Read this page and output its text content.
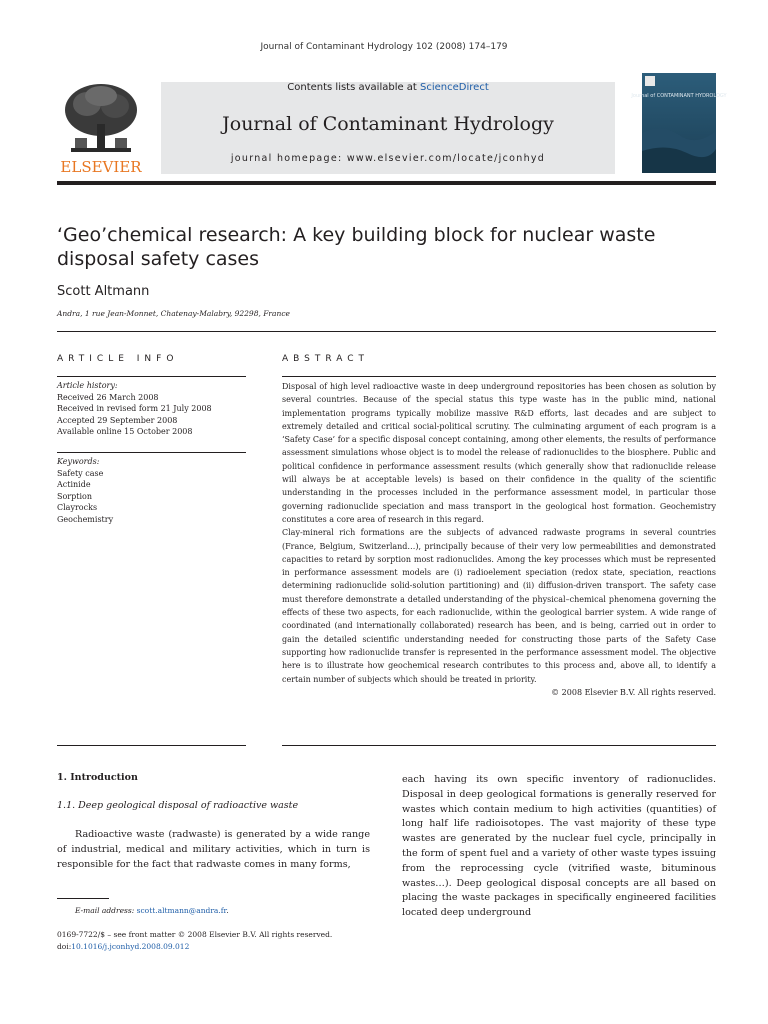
Journal of Contaminant Hydrology 102 (2008) 174–179
ELSEVIER
Contents lists available at ScienceDirect
Journal of Contaminant Hydrology
journal homepage: www.elsevier.com/locate/jconhyd
Journal of CONTAMINANT HYDROLOGY
‘Geo’chemical research: A key building block for nuclear waste disposal safety cases
Scott Altmann
Andra, 1 rue Jean-Monnet, Chatenay-Malabry, 92298, France
ARTICLE INFO
Article history:
Received 26 March 2008
Received in revised form 21 July 2008
Accepted 29 September 2008
Available online 15 October 2008
Keywords:
Safety case
Actinide
Sorption
Clayrocks
Geochemistry
ABSTRACT

Disposal of high level radioactive waste in deep underground repositories has been chosen as solution by several countries. Because of the special status this type waste has in the public mind, national implementation programs typically mobilize massive R&D efforts, last decades and are subject to extremely detailed and critical social-political scrutiny. The culminating argument of each program is a ‘Safety Case’ for a specific disposal concept containing, among other elements, the results of performance assessment simulations whose object is to model the release of radionuclides to the biosphere. Public and political confidence in performance assessment results (which generally show that radionuclide release will always be at acceptable levels) is based on their confidence in the quality of the scientific understanding in the processes included in the performance assessment model, in particular those governing radionuclide speciation and mass transport in the geological host formation. Geochemistry constitutes a core area of research in this regard.

Clay-mineral rich formations are the subjects of advanced radwaste programs in several countries (France, Belgium, Switzerland…), principally because of their very low permeabilities and demonstrated capacities to retard by sorption most radionuclides. Among the key processes which must be represented in performance assessment models are (i) radioelement speciation (redox state, speciation, reactions determining radionuclide solid-solution partitioning) and (ii) diffusion-driven transport. The safety case must therefore demonstrate a detailed understanding of the physical–chemical phenomena governing the effects of these two aspects, for each radionuclide, within the geological barrier system. A wide range of coordinated (and internationally collaborated) research has been, and is being, carried out in order to gain the detailed scientific understanding needed for constructing those parts of the Safety Case supporting how radionuclide transfer is represented in the performance assessment model. The objective here is to illustrate how geochemical research contributes to this process and, above all, to identify a certain number of subjects which should be treated in priority.

© 2008 Elsevier B.V. All rights reserved.

1. Introduction
1.1. Deep geological disposal of radioactive waste

Radioactive waste (radwaste) is generated by a wide range of industrial, medical and military activities, which in turn is responsible for the fact that radwaste comes in many forms,

each having its own specific inventory of radionuclides. Disposal in deep geological formations is generally reserved for wastes which contain medium to high activities (quantities) of long half life radioisotopes. The vast majority of these type wastes are generated by the nuclear fuel cycle, principally in the form of spent fuel and a variety of other waste types issuing from the reprocessing cycle (vitrified waste, bituminous wastes…). Deep geological disposal concepts are all based on placing the waste packages in specifically engineered facilities located deep underground

E-mail address: scott.altmann@andra.fr.
0169-7722/$ – see front matter © 2008 Elsevier B.V. All rights reserved.
doi:10.1016/j.jconhyd.2008.09.012
